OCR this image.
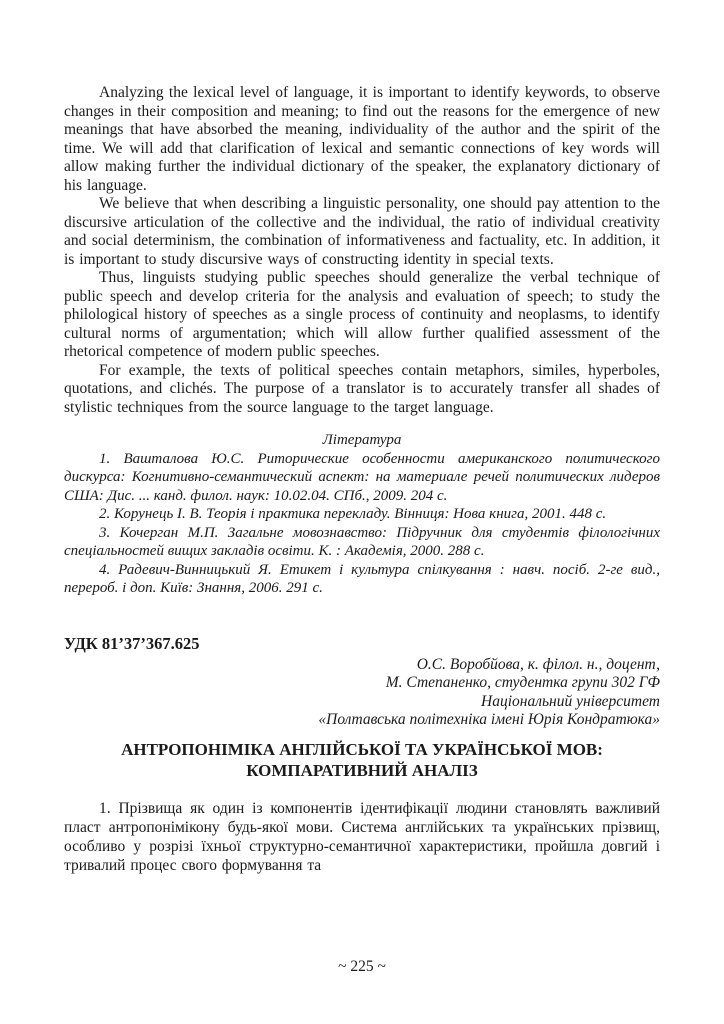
Analyzing the lexical level of language, it is important to identify keywords, to observe changes in their composition and meaning; to find out the reasons for the emergence of new meanings that have absorbed the meaning, individuality of the author and the spirit of the time. We will add that clarification of lexical and semantic connections of key words will allow making further the individual dictionary of the speaker, the explanatory dictionary of his language.

We believe that when describing a linguistic personality, one should pay attention to the discursive articulation of the collective and the individual, the ratio of individual creativity and social determinism, the combination of informativeness and factuality, etc. In addition, it is important to study discursive ways of constructing identity in special texts.

Thus, linguists studying public speeches should generalize the verbal technique of public speech and develop criteria for the analysis and evaluation of speech; to study the philological history of speeches as a single process of continuity and neoplasms, to identify cultural norms of argumentation; which will allow further qualified assessment of the rhetorical competence of modern public speeches.

For example, the texts of political speeches contain metaphors, similes, hyperboles, quotations, and clichés. The purpose of a translator is to accurately transfer all shades of stylistic techniques from the source language to the target language.

Література

1. Вашталова Ю.С. Риторические особенности американского политического дискурса: Когнитивно-семантический аспект: на материале речей политических лидеров США: Дис. ... канд. филол. наук: 10.02.04. СПб., 2009. 204 с.

2. Корунець І. В. Теорія і практика перекладу. Вінниця: Нова книга, 2001. 448 с.

3. Кочерган М.П. Загальне мовознавство: Підручник для студентів філологічних спеціальностей вищих закладів освіти. К. : Академія, 2000. 288 с.

4. Радевич-Винницький Я. Етикет і культура спілкування : навч. посіб. 2-ге вид., перероб. і доп. Київ: Знання, 2006. 291 с.

УДК 81’37’367.625

О.С. Воробйова, к. філол. н., доцент,

М. Степаненко, студентка групи 302 ГФ

Національний університет

«Полтавська політехніка імені Юрія Кондратюка»

АНТРОПОНІМІКА АНГЛІЙСЬКОЇ ТА УКРАЇНСЬКОЇ МОВ: КОМПАРАТИВНИЙ АНАЛІЗ

1. Прізвища як один із компонентів ідентифікації людини становлять важливий пласт антропонімікону будь-якої мови. Система англійських та українських прізвищ, особливо у розрізі їхньої структурно-семантичної характеристики, пройшла довгий і тривалий процес свого формування та

~ 225 ~
